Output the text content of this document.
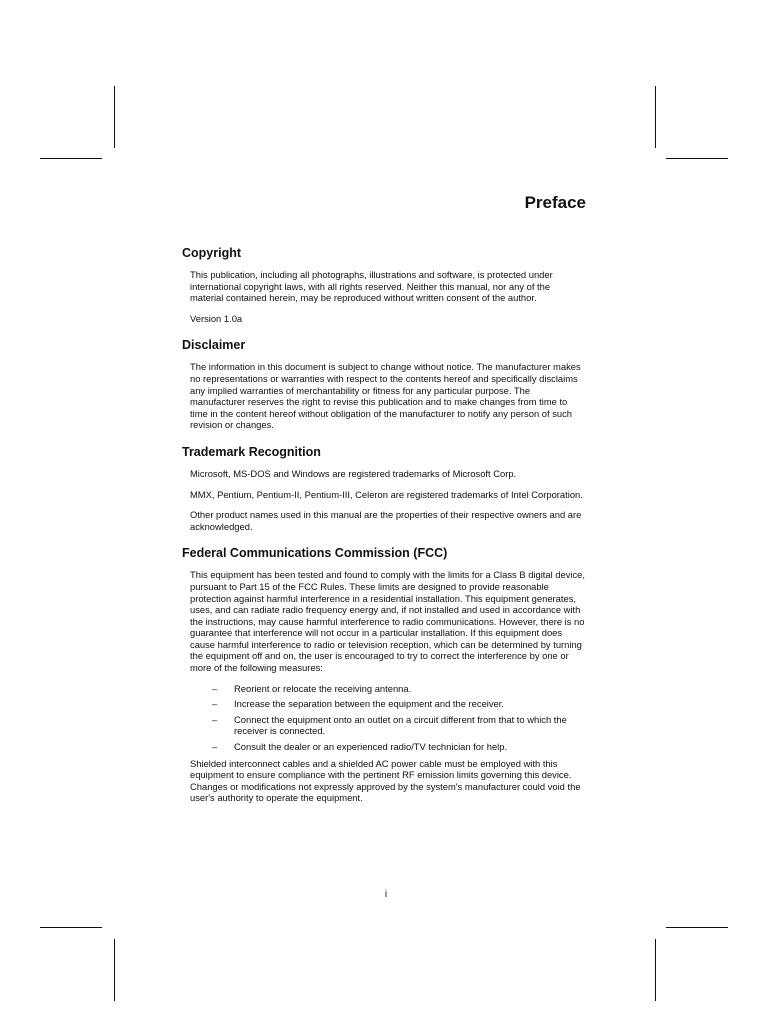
Preface
Copyright

This publication, including all photographs, illustrations and software, is protected under international copyright laws, with all rights reserved. Neither this manual, nor any of the material contained herein, may be reproduced without written consent of the author.

Version 1.0a

Disclaimer

The information in this document is subject to change without notice. The manufacturer makes no representations or warranties with respect to the contents hereof and specifically disclaims any implied warranties of merchantability or fitness for any particular purpose. The manufacturer reserves the right to revise this publication and to make changes from time to time in the content hereof without obligation of the manufacturer to notify any person of such revision or changes.

Trademark Recognition

Microsoft, MS-DOS and Windows are registered trademarks of Microsoft Corp.

MMX, Pentium, Pentium-II, Pentium-III, Celeron are registered trademarks of Intel Corporation.

Other product names used in this manual are the properties of their respective owners and are acknowledged.

Federal Communications Commission (FCC)

This equipment has been tested and found to comply with the limits for a Class B digital device, pursuant to Part 15 of the FCC Rules. These limits are designed to provide reasonable protection against harmful interference in a residential installation. This equipment generates, uses, and can radiate radio frequency energy and, if not installed and used in accordance with the instructions, may cause harmful interference to radio communications. However, there is no guarantee that interference will not occur in a particular installation. If this equipment does cause harmful interference to radio or television reception, which can be determined by turning the equipment off and on, the user is encouraged to try to correct the interference by one or more of the following measures:

– Reorient or relocate the receiving antenna.
– Increase the separation between the equipment and the receiver.
– Connect the equipment onto an outlet on a circuit different from that to which the receiver is connected.
– Consult the dealer or an experienced radio/TV technician for help.

Shielded interconnect cables and a shielded AC power cable must be employed with this equipment to ensure compliance with the pertinent RF emission limits governing this device. Changes or modifications not expressly approved by the system's manufacturer could void the user's authority to operate the equipment.

i
